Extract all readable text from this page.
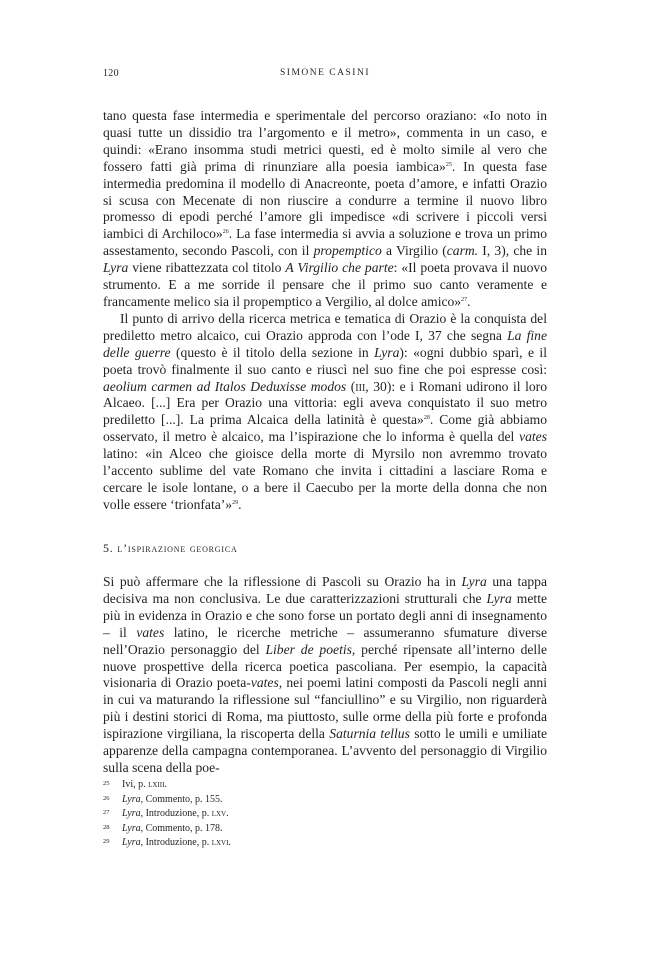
120	SIMONE CASINI

tano questa fase intermedia e sperimentale del percorso oraziano: «Io noto in quasi tutte un dissidio tra l’argomento e il metro», commenta in un caso, e quindi: «Erano insomma studi metrici questi, ed è molto simile al vero che fossero fatti già prima di rinunziare alla poesia iambica»$^{25}$. In questa fase intermedia predomina il modello di Anacreonte, poeta d’amore, e infatti Orazio si scusa con Mecenate di non riuscire a condurre a termine il nuovo libro promesso di epodi perché l’amore gli impedisce «di scrivere i piccoli versi iambici di Archiloco»$^{26}$. La fase intermedia si avvia a soluzione e trova un primo assestamento, secondo Pascoli, con il propemptico a Virgilio (carm. I, 3), che in Lyra viene ribattezzata col titolo A Virgilio che parte: «Il poeta provava il nuovo strumento. E a me sorride il pensare che il primo suo canto veramente e francamente melico sia il propemptico a Vergilio, al dolce amico»$^{27}$.

Il punto di arrivo della ricerca metrica e tematica di Orazio è la conquista del prediletto metro alcaico, cui Orazio approda con l’ode I, 37 che segna La fine delle guerre (questo è il titolo della sezione in Lyra): «ogni dubbio sparì, e il poeta trovò finalmente il suo canto e riuscì nel suo fine che poi espresse così: aeolium carmen ad Italos Deduxisse modos (iii, 30): e i Romani udirono il loro Alcaeo. [...] Era per Orazio una vittoria: egli aveva conquistato il suo metro prediletto [...]. La prima Alcaica della latinità è questa»$^{28}$. Come già abbiamo osservato, il metro è alcaico, ma l’ispirazione che lo informa è quella del vates latino: «in Alceo che gioisce della morte di Myrsilo non avremmo trovato l’accento sublime del vate Romano che invita i cittadini a lasciare Roma e cercare le isole lontane, o a bere il Caecubo per la morte della donna che non volle essere ‘trionfata’»$^{29}$.

5. l’ispirazione georgica

Si può affermare che la riflessione di Pascoli su Orazio ha in Lyra una tappa decisiva ma non conclusiva. Le due caratterizzazioni strutturali che Lyra mette più in evidenza in Orazio e che sono forse un portato degli anni di insegnamento – il vates latino, le ricerche metriche – assumeranno sfumature diverse nell’Orazio personaggio del Liber de poetis, perché ripensate all’interno delle nuove prospettive della ricerca poetica pascoliana. Per esempio, la capacità visionaria di Orazio poeta-vates, nei poemi latini composti da Pascoli negli anni in cui va maturando la riflessione sul “fanciullino” e su Virgilio, non riguarderà più i destini storici di Roma, ma piuttosto, sulle orme della più forte e profonda ispirazione virgiliana, la riscoperta della Saturnia tellus sotto le umili e umiliate apparenze della campagna contemporanea. L’avvento del personaggio di Virgilio sulla scena della poe-

25	Ivi, p. lxiii.
26	Lyra, Commento, p. 155.
27	Lyra, Introduzione, p. lxv.
28	Lyra, Commento, p. 178.
29	Lyra, Introduzione, p. lxvi.
